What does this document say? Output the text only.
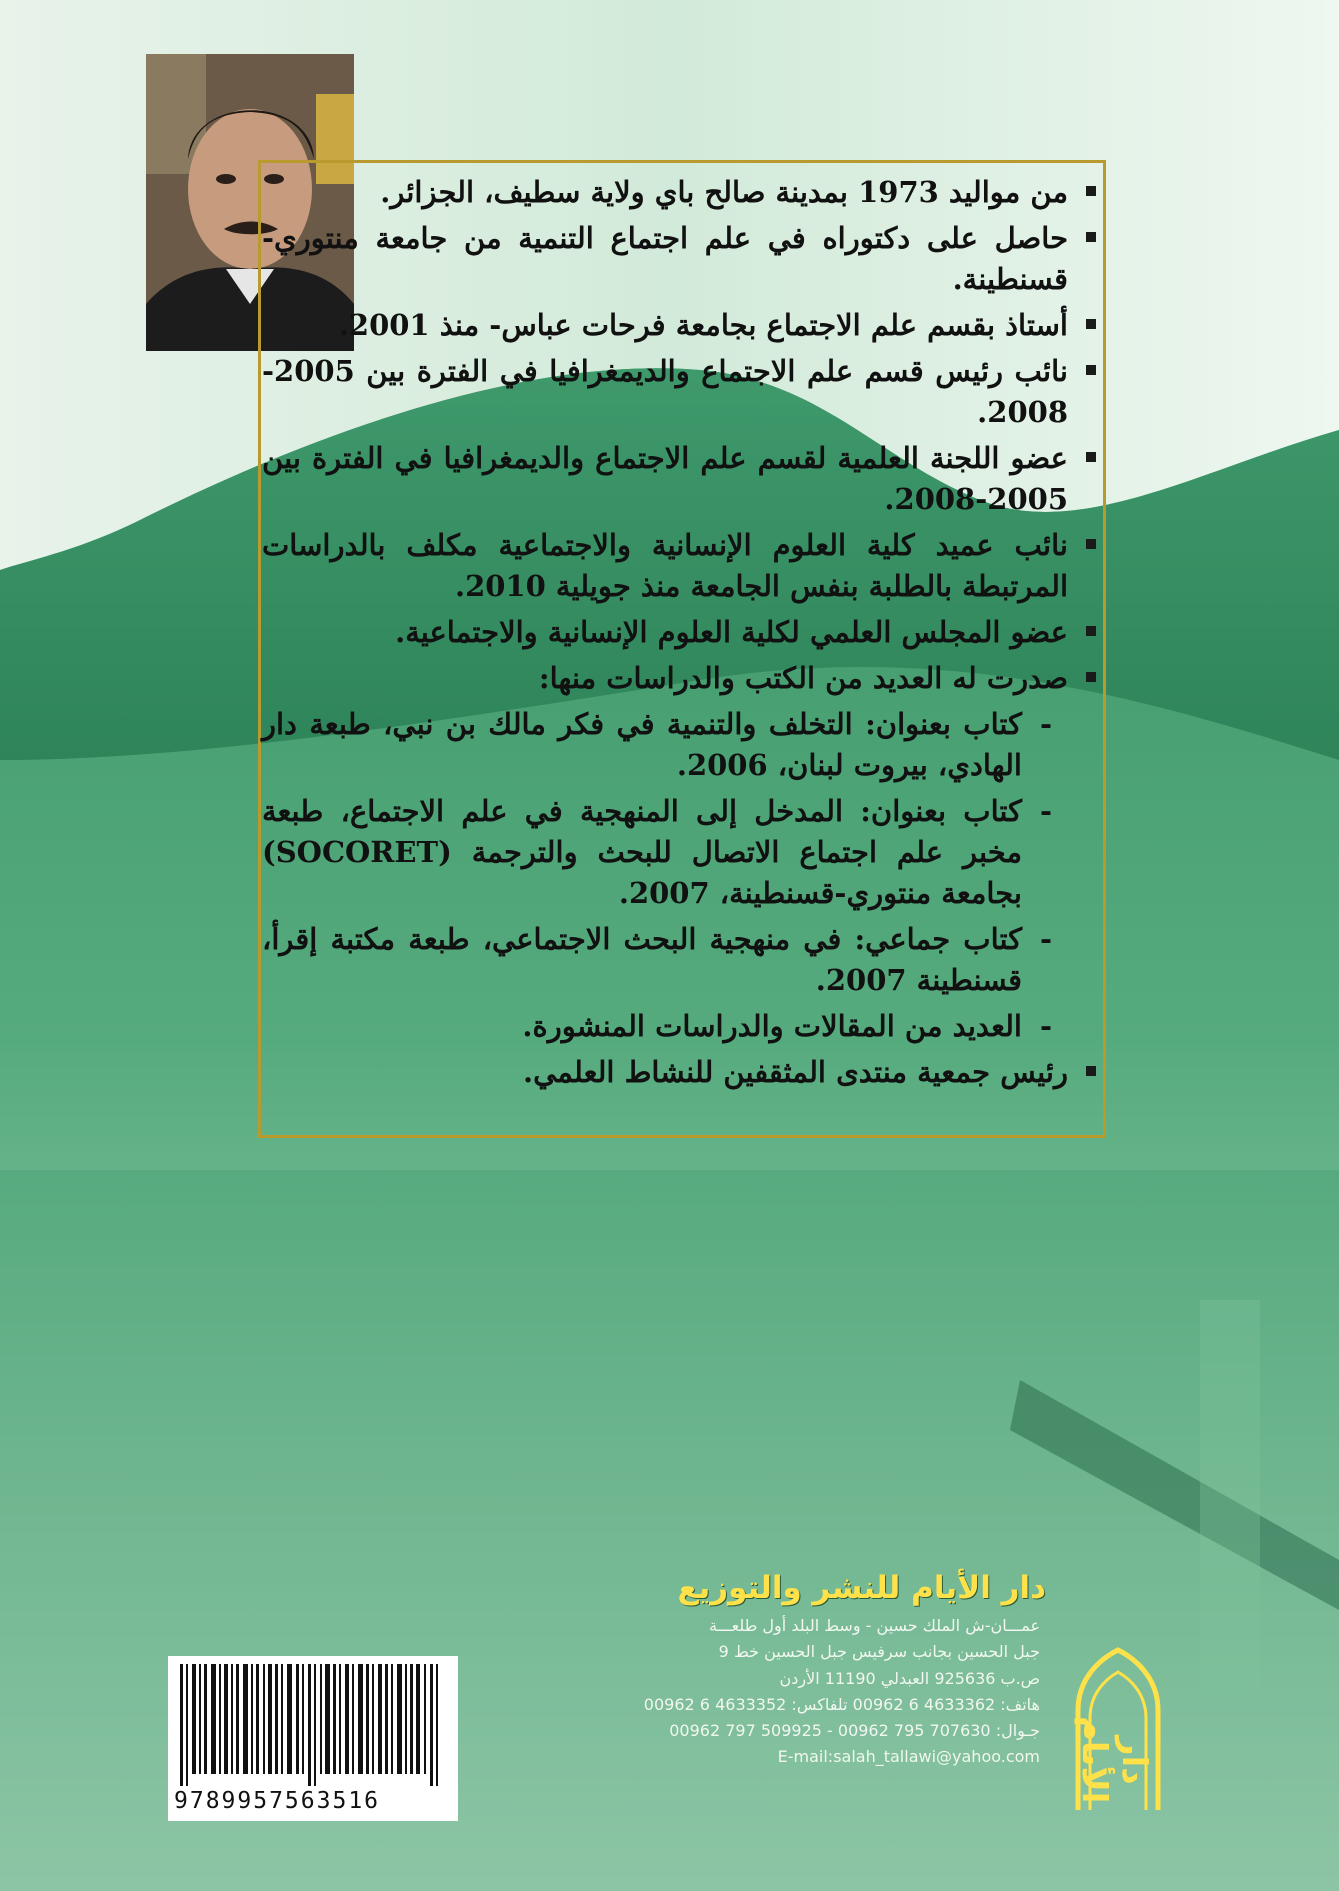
من مواليد 1973 بمدينة صالح باي ولاية سطيف، الجزائر.
حاصل على دكتوراه في علم اجتماع التنمية من جامعة منتوري-قسنطينة.
أستاذ بقسم علم الاجتماع بجامعة فرحات عباس- منذ 2001.
نائب رئيس قسم علم الاجتماع والديمغرافيا في الفترة بين 2005-2008.
عضو اللجنة العلمية لقسم علم الاجتماع والديمغرافيا في الفترة بين 2005-2008.
نائب عميد كلية العلوم الإنسانية والاجتماعية مكلف بالدراسات المرتبطة بالطلبة بنفس الجامعة منذ جويلية 2010.
عضو المجلس العلمي لكلية العلوم الإنسانية والاجتماعية.
صدرت له العديد من الكتب والدراسات منها:
- كتاب بعنوان: التخلف والتنمية في فكر مالك بن نبي، طبعة دار الهادي، بيروت لبنان، 2006.
- كتاب بعنوان: المدخل إلى المنهجية في علم الاجتماع، طبعة مخبر علم اجتماع الاتصال للبحث والترجمة (SOCORET) بجامعة منتوري-قسنطينة، 2007.
- كتاب جماعي: في منهجية البحث الاجتماعي، طبعة مكتبة إقرأ، قسنطينة 2007.
- العديد من المقالات والدراسات المنشورة.
رئيس جمعية منتدى المثقفين للنشاط العلمي.
9789957563516
دار الأيام للنشر والتوزيع
عمـــان-ش الملك حسين - وسط البلد أول طلعـــة
جبل الحسين بجانب سرفيس جبل الحسين خط 9
ص.ب 925636 العبدلي 11190 الأردن
هاتف: 4633362 6 00962 تلفاكس: 4633352 6 00962
جـوال: 707630 795 00962 - 509925 797 00962
E-mail:salah_tallawi@yahoo.com	دار الأيام
